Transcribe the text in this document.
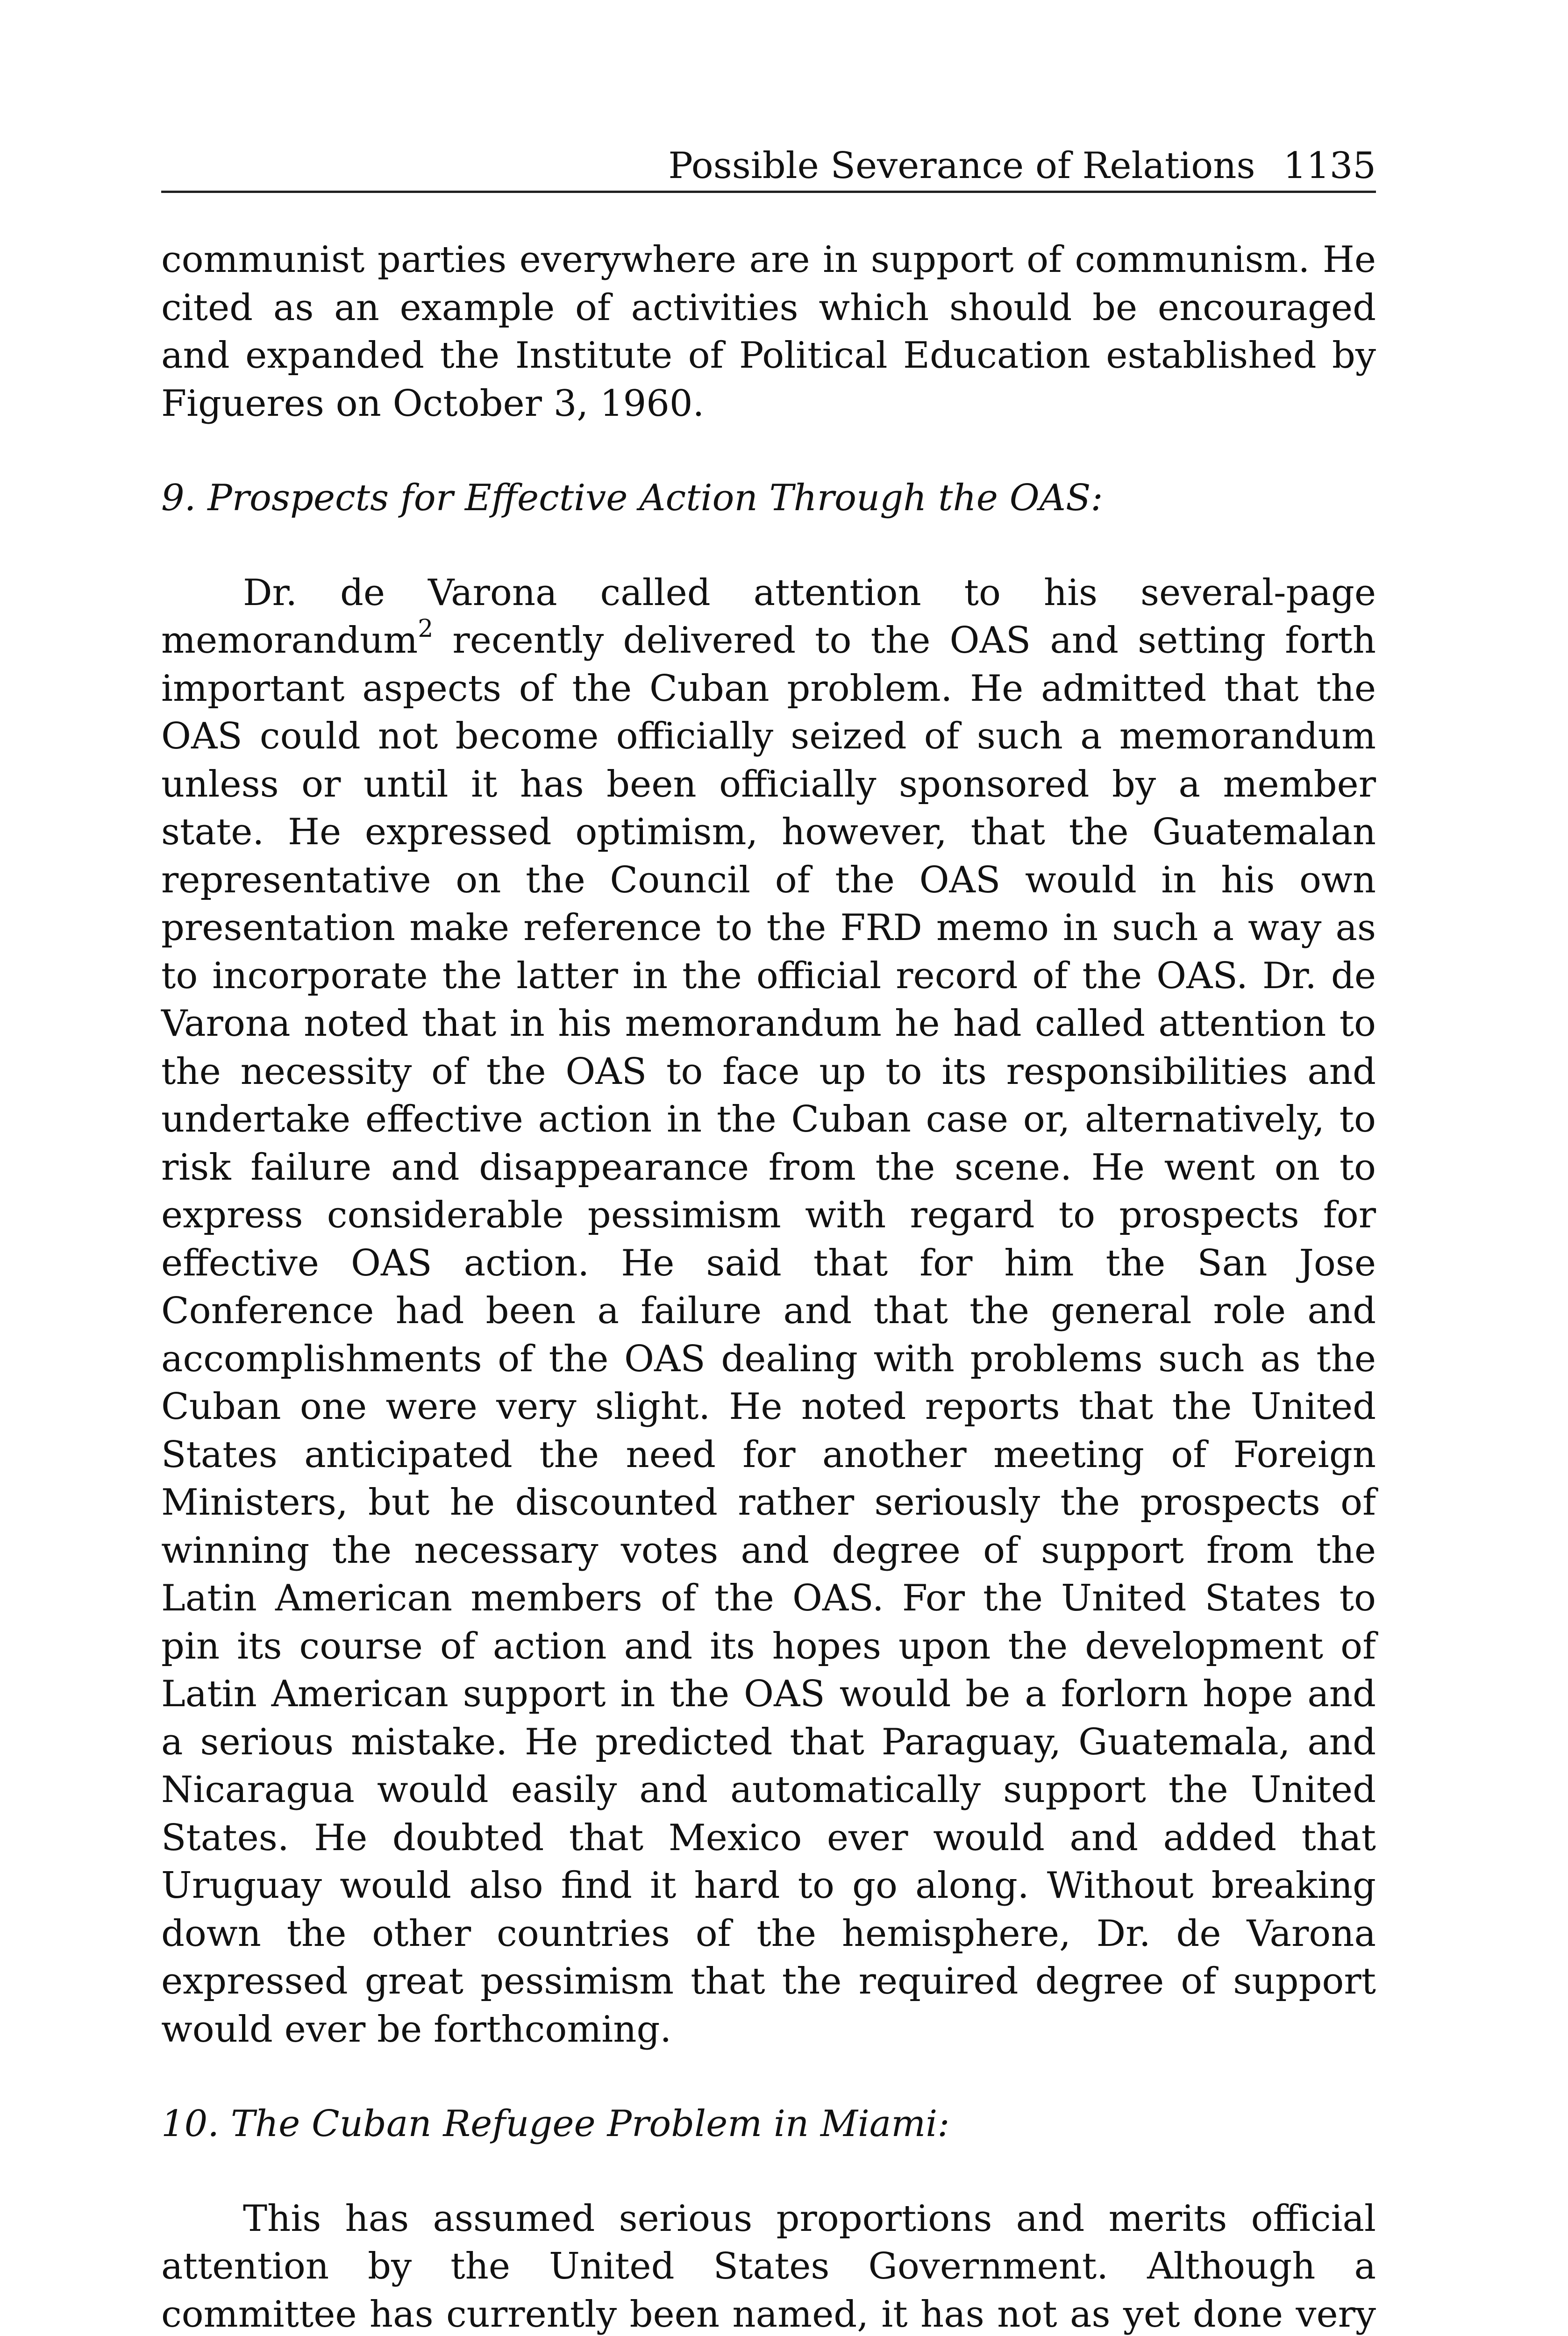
Possible Severance of Relations 1135

communist parties everywhere are in support of communism. He cited as an example of activities which should be encouraged and expanded the Institute of Political Education established by Figueres on October 3, 1960.

9. Prospects for Effective Action Through the OAS:

Dr. de Varona called attention to his several-page memorandum$^2$ recently delivered to the OAS and setting forth important aspects of the Cuban problem. He admitted that the OAS could not become officially seized of such a memorandum unless or until it has been officially sponsored by a member state. He expressed optimism, however, that the Guatemalan representative on the Council of the OAS would in his own presentation make reference to the FRD memo in such a way as to incorporate the latter in the official record of the OAS. Dr. de Varona noted that in his memorandum he had called attention to the necessity of the OAS to face up to its responsibilities and undertake effective action in the Cuban case or, alternatively, to risk failure and disappearance from the scene. He went on to express considerable pessimism with regard to prospects for effective OAS action. He said that for him the San Jose Conference had been a failure and that the general role and accomplishments of the OAS dealing with problems such as the Cuban one were very slight. He noted reports that the United States anticipated the need for another meeting of Foreign Ministers, but he discounted rather seriously the prospects of winning the necessary votes and degree of support from the Latin American members of the OAS. For the United States to pin its course of action and its hopes upon the development of Latin American support in the OAS would be a forlorn hope and a serious mistake. He predicted that Paraguay, Guatemala, and Nicaragua would easily and automatically support the United States. He doubted that Mexico ever would and added that Uruguay would also find it hard to go along. Without breaking down the other countries of the hemisphere, Dr. de Varona expressed great pessimism that the required degree of support would ever be forthcoming.

10. The Cuban Refugee Problem in Miami:

This has assumed serious proportions and merits official attention by the United States Government. Although a committee has currently been named, it has not as yet done very
